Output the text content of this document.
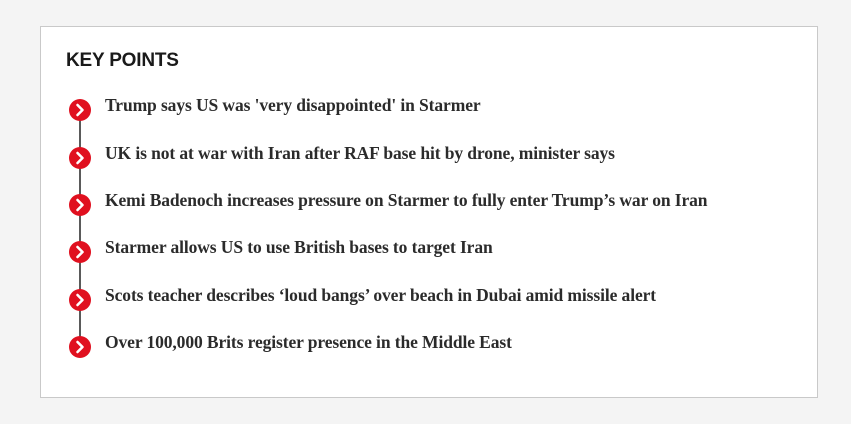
KEY POINTS
Trump says US was 'very disappointed' in Starmer
UK is not at war with Iran after RAF base hit by drone, minister says
Kemi Badenoch increases pressure on Starmer to fully enter Trump’s war on Iran
Starmer allows US to use British bases to target Iran
Scots teacher describes ‘loud bangs’ over beach in Dubai amid missile alert
Over 100,000 Brits register presence in the Middle East
